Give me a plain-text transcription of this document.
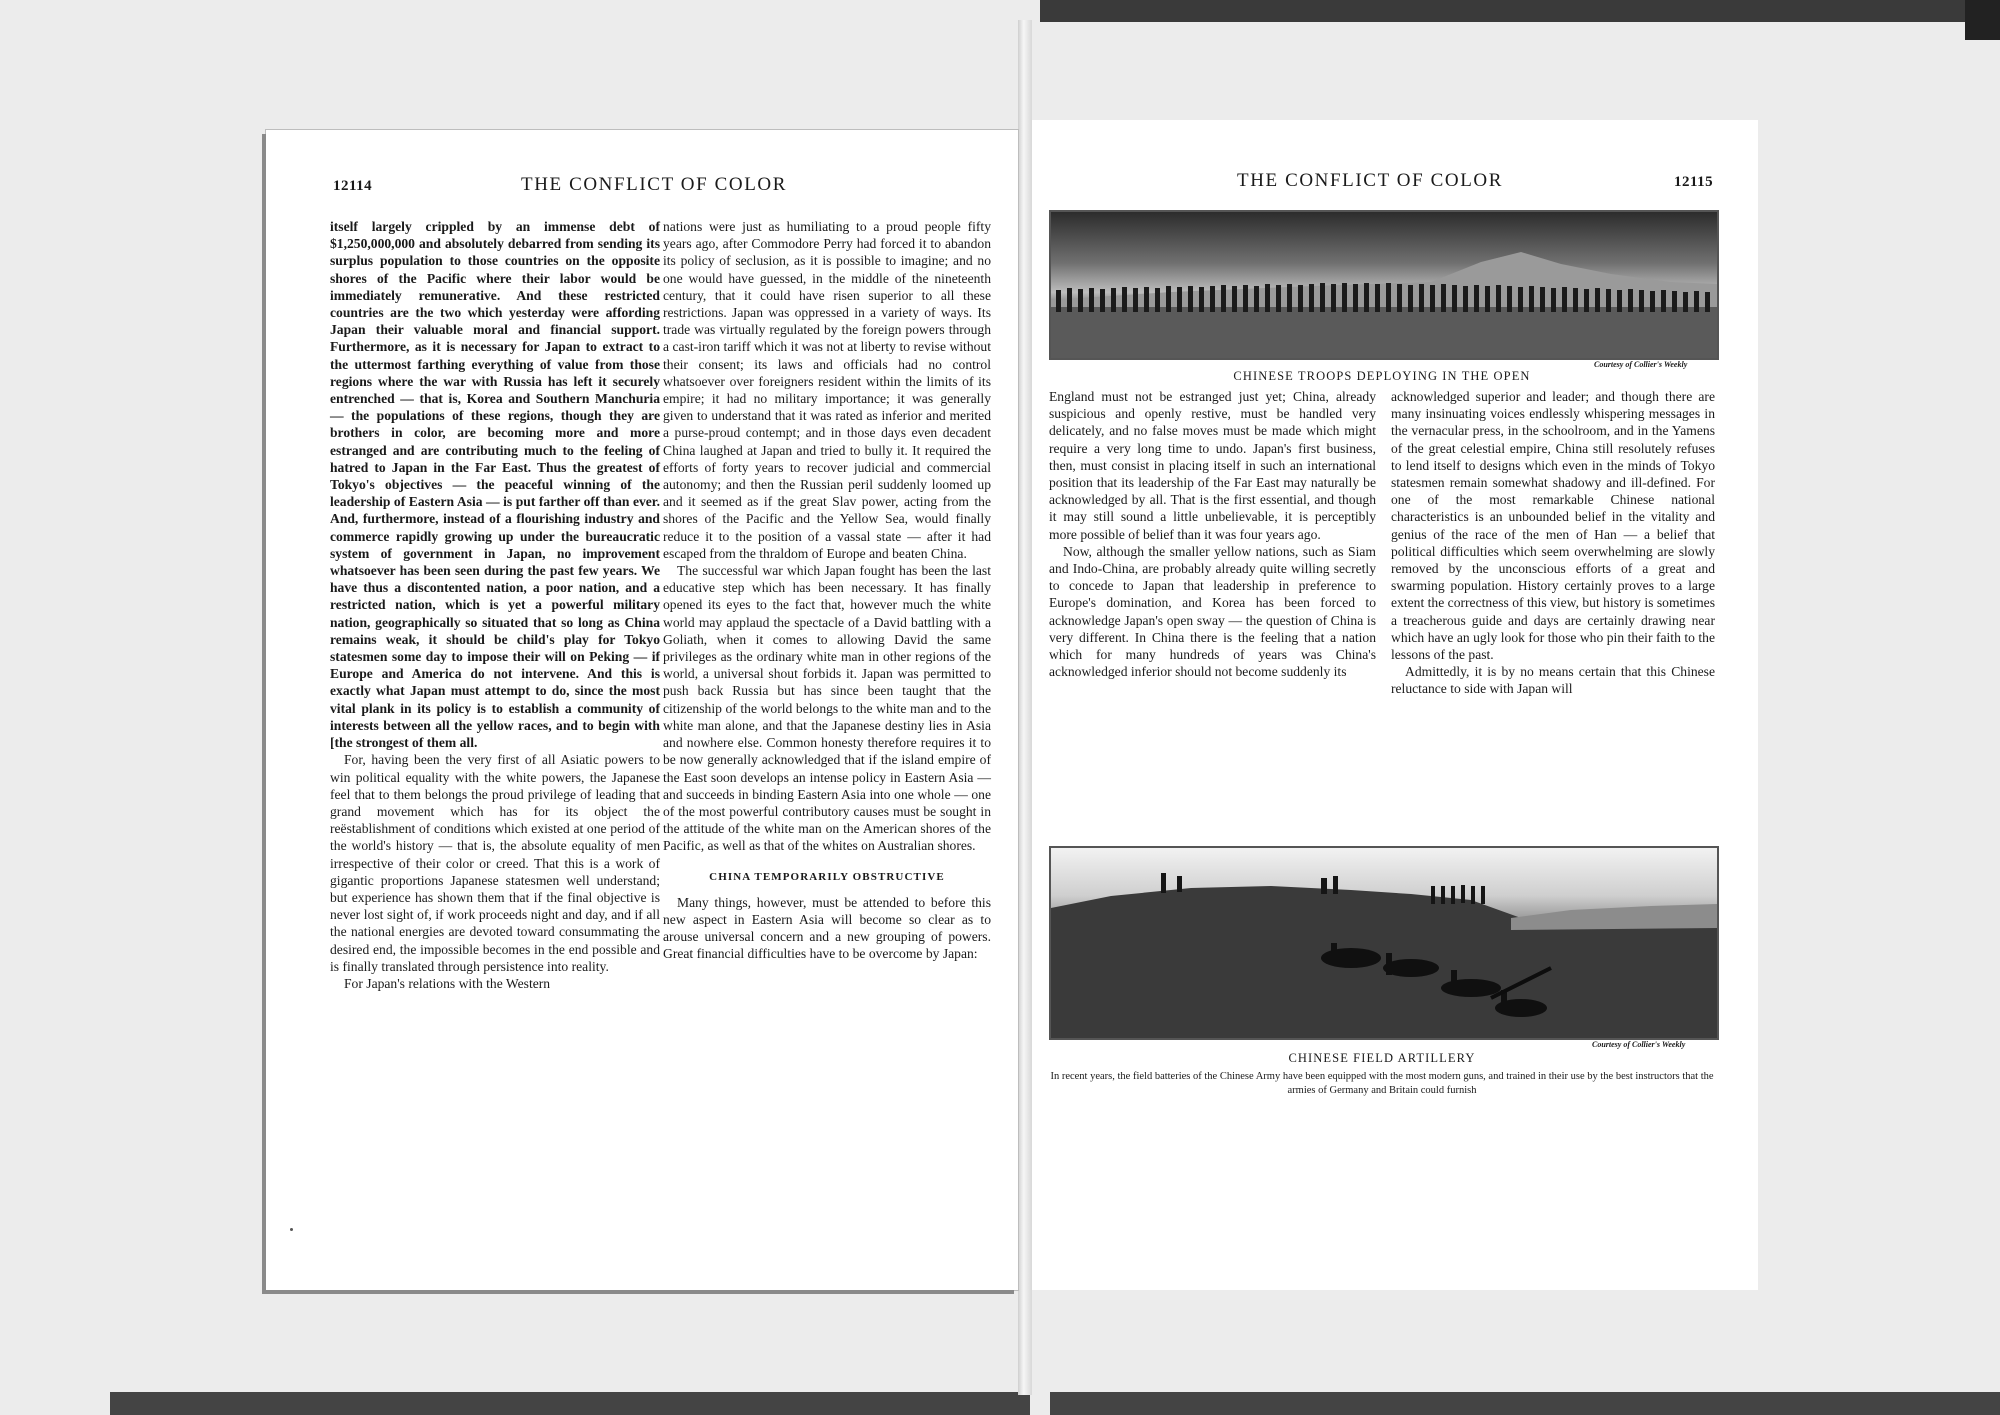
12114	THE CONFLICT OF COLOR

itself largely crippled by an immense debt of $1,250,000,000 and absolutely debarred from sending its surplus population to those countries on the opposite shores of the Pacific where their labor would be immediately remunerative. And these restricted countries are the two which yesterday were affording Japan their valuable moral and financial support. Furthermore, as it is necessary for Japan to extract to the uttermost farthing everything of value from those regions where the war with Russia has left it securely entrenched — that is, Korea and Southern Manchuria — the populations of these regions, though they are brothers in color, are becoming more and more estranged and are contributing much to the feeling of hatred to Japan in the Far East. Thus the greatest of Tokyo's objectives — the peaceful winning of the leadership of Eastern Asia — is put farther off than ever. And, furthermore, instead of a flourishing industry and commerce rapidly growing up under the bureaucratic system of government in Japan, no improvement whatsoever has been seen during the past few years. We have thus a discontented nation, a poor nation, and a restricted nation, which is yet a powerful military nation, geographically so situated that so long as China remains weak, it should be child's play for Tokyo statesmen some day to impose their will on Peking — if Europe and America do not intervene. And this is exactly what Japan must attempt to do, since the most vital plank in its policy is to establish a community of interests between all the yellow races, and to begin with [the strongest of them all.

For, having been the very first of all Asiatic powers to win political equality with the white powers, the Japanese feel that to them belongs the proud privilege of leading that grand movement which has for its object the reëstablishment of conditions which existed at one period of the world's history — that is, the absolute equality of men irrespective of their color or creed. That this is a work of gigantic proportions Japanese statesmen well understand; but experience has shown them that if the final objective is never lost sight of, if work proceeds night and day, and if all the national energies are devoted toward consummating the desired end, the impossible becomes in the end possible and is finally translated through persistence into reality.

For Japan's relations with the Western

nations were just as humiliating to a proud people fifty years ago, after Commodore Perry had forced it to abandon its policy of seclusion, as it is possible to imagine; and no one would have guessed, in the middle of the nineteenth century, that it could have risen superior to all these restrictions. Japan was oppressed in a variety of ways. Its trade was virtually regulated by the foreign powers through a cast-iron tariff which it was not at liberty to revise without their consent; its laws and officials had no control whatsoever over foreigners resident within the limits of its empire; it had no military importance; it was generally given to understand that it was rated as inferior and merited a purse-proud contempt; and in those days even decadent China laughed at Japan and tried to bully it. It required the efforts of forty years to recover judicial and commercial autonomy; and then the Russian peril suddenly loomed up and it seemed as if the great Slav power, acting from the shores of the Pacific and the Yellow Sea, would finally reduce it to the position of a vassal state — after it had escaped from the thraldom of Europe and beaten China.

The successful war which Japan fought has been the last educative step which has been necessary. It has finally opened its eyes to the fact that, however much the white world may applaud the spectacle of a David battling with a Goliath, when it comes to allowing David the same privileges as the ordinary white man in other regions of the world, a universal shout forbids it. Japan was permitted to push back Russia but has since been taught that the citizenship of the world belongs to the white man and to the white man alone, and that the Japanese destiny lies in Asia and nowhere else. Common honesty therefore requires it to be now generally acknowledged that if the island empire of the East soon develops an intense policy in Eastern Asia — and succeeds in binding Eastern Asia into one whole — one of the most powerful contributory causes must be sought in the attitude of the white man on the American shores of the Pacific, as well as that of the whites on Australian shores.

CHINA TEMPORARILY OBSTRUCTIVE

Many things, however, must be attended to before this new aspect in Eastern Asia will become so clear as to arouse universal concern and a new grouping of powers. Great financial difficulties have to be overcome by Japan:

THE CONFLICT OF COLOR	12115
Courtesy of Collier's Weekly
CHINESE TROOPS DEPLOYING IN THE OPEN

England must not be estranged just yet; China, already suspicious and openly restive, must be handled very delicately, and no false moves must be made which might require a very long time to undo. Japan's first business, then, must consist in placing itself in such an international position that its leadership of the Far East may naturally be acknowledged by all. That is the first essential, and though it may still sound a little unbelievable, it is perceptibly more possible of belief than it was four years ago.

Now, although the smaller yellow nations, such as Siam and Indo-China, are probably already quite willing secretly to concede to Japan that leadership in preference to Europe's domination, and Korea has been forced to acknowledge Japan's open sway — the question of China is very different. In China there is the feeling that a nation which for many hundreds of years was China's acknowledged inferior should not become suddenly its

acknowledged superior and leader; and though there are many insinuating voices endlessly whispering messages in the vernacular press, in the schoolroom, and in the Yamens of the great celestial empire, China still resolutely refuses to lend itself to designs which even in the minds of Tokyo statesmen remain somewhat shadowy and ill-defined. For one of the most remarkable Chinese national characteristics is an unbounded belief in the vitality and genius of the race of the men of Han — a belief that political difficulties which seem overwhelming are slowly removed by the unconscious efforts of a great and swarming population. History certainly proves to a large extent the correctness of this view, but history is sometimes a treacherous guide and days are certainly drawing near which have an ugly look for those who pin their faith to the lessons of the past.

Admittedly, it is by no means certain that this Chinese reluctance to side with Japan will

Courtesy of Collier's Weekly
CHINESE FIELD ARTILLERY
In recent years, the field batteries of the Chinese Army have been equipped with the most modern guns, and trained in their use by the best instructors that the armies of Germany and Britain could furnish
